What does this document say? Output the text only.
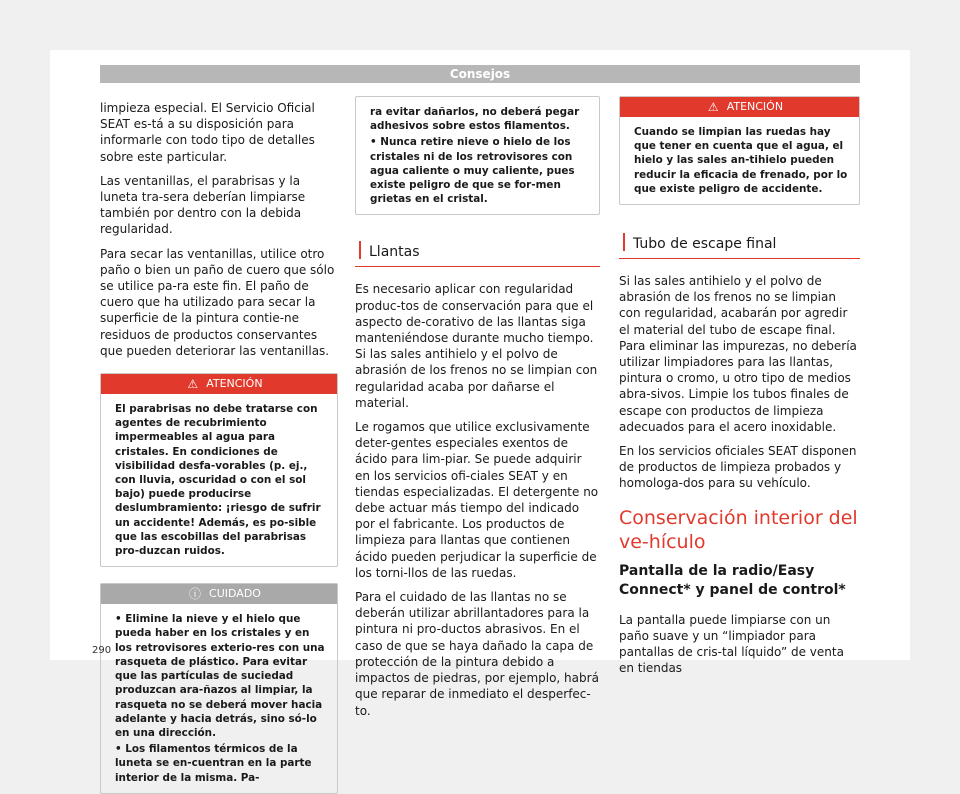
Consejos

limpieza especial. El Servicio Oficial SEAT es-tá a su disposición para informarle con todo tipo de detalles sobre este particular.

Las ventanillas, el parabrisas y la luneta tra-sera deberían limpiarse también por dentro con la debida regularidad.

Para secar las ventanillas, utilice otro paño o bien un paño de cuero que sólo se utilice pa-ra este fin. El paño de cuero que ha utilizado para secar la superficie de la pintura contie-ne residuos de productos conservantes que pueden deteriorar las ventanillas.

⚠ ATENCIÓN
El parabrisas no debe tratarse con agentes de recubrimiento impermeables al agua para cristales. En condiciones de visibilidad desfa-vorables (p. ej., con lluvia, oscuridad o con el sol bajo) puede producirse deslumbramiento: ¡riesgo de sufrir un accidente! Además, es po-sible que las escobillas del parabrisas pro-duzcan ruidos.
ⓘ CUIDADO
• Elimine la nieve y el hielo que pueda haber en los cristales y en los retrovisores exterio-res con una rasqueta de plástico. Para evitar que las partículas de suciedad produzcan ara-ñazos al limpiar, la rasqueta no se deberá mover hacia adelante y hacia detrás, sino só-lo en una dirección.
• Los filamentos térmicos de la luneta se en-cuentran en la parte interior de la misma. Pa-
ra evitar dañarlos, no deberá pegar adhesivos sobre estos filamentos.
• Nunca retire nieve o hielo de los cristales ni de los retrovisores con agua caliente o muy caliente, pues existe peligro de que se for-men grietas en el cristal.
Llantas

Es necesario aplicar con regularidad produc-tos de conservación para que el aspecto de-corativo de las llantas siga manteniéndose durante mucho tiempo. Si las sales antihielo y el polvo de abrasión de los frenos no se limpian con regularidad acaba por dañarse el material.

Le rogamos que utilice exclusivamente deter-gentes especiales exentos de ácido para lim-piar. Se puede adquirir en los servicios ofi-ciales SEAT y en tiendas especializadas. El detergente no debe actuar más tiempo del indicado por el fabricante. Los productos de limpieza para llantas que contienen ácido pueden perjudicar la superficie de los torni-llos de las ruedas.

Para el cuidado de las llantas no se deberán utilizar abrillantadores para la pintura ni pro-ductos abrasivos. En el caso de que se haya dañado la capa de protección de la pintura debido a impactos de piedras, por ejemplo, habrá que reparar de inmediato el desperfec-to.

⚠ ATENCIÓN
Cuando se limpian las ruedas hay que tener en cuenta que el agua, el hielo y las sales an-tihielo pueden reducir la eficacia de frenado, por lo que existe peligro de accidente.
Tubo de escape final

Si las sales antihielo y el polvo de abrasión de los frenos no se limpian con regularidad, acabarán por agredir el material del tubo de escape final. Para eliminar las impurezas, no debería utilizar limpiadores para las llantas, pintura o cromo, u otro tipo de medios abra-sivos. Limpie los tubos finales de escape con productos de limpieza adecuados para el acero inoxidable.

En los servicios oficiales SEAT disponen de productos de limpieza probados y homologa-dos para su vehículo.

Conservación interior del ve-hículo
Pantalla de la radio/Easy Connect* y panel de control*

La pantalla puede limpiarse con un paño suave y un “limpiador para pantallas de cris-tal líquido” de venta en tiendas

290
